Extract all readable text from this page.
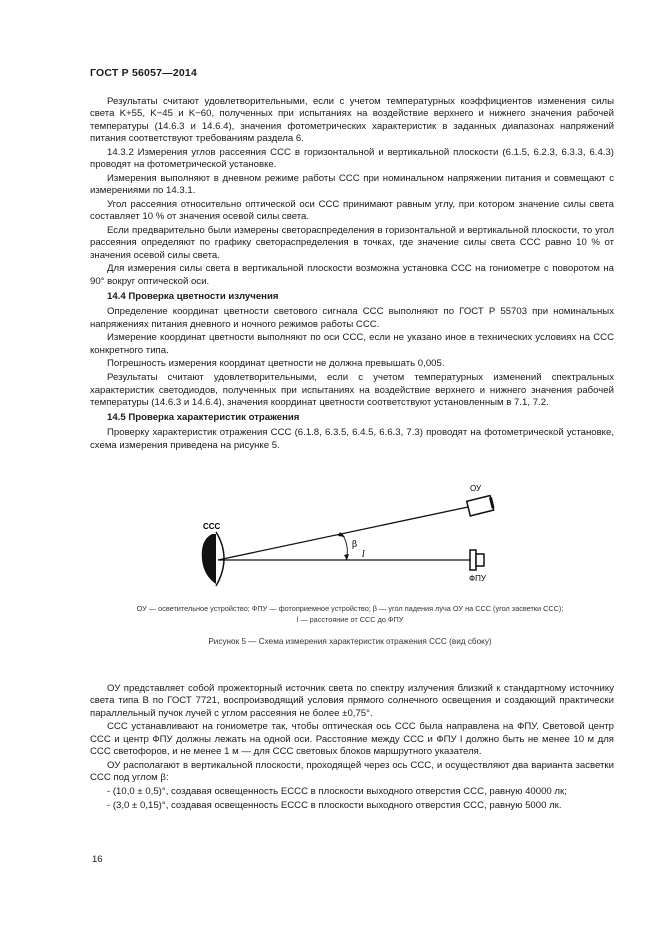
ГОСТ Р 56057—2014

Результаты считают удовлетворительными, если с учетом температурных коэффициентов изменения силы света K+55, K−45 и K−60, полученных при испытаниях на воздействие верхнего и нижнего значения рабочей температуры (14.6.3 и 14.6.4), значения фотометрических характеристик в заданных диапазонах напряжений питания соответствуют требованиям раздела 6.

14.3.2 Измерения углов рассеяния ССС в горизонтальной и вертикальной плоскости (6.1.5, 6.2.3, 6.3.3, 6.4.3) проводят на фотометрической установке.

Измерения выполняют в дневном режиме работы ССС при номинальном напряжении питания и совмещают с измерениями по 14.3.1.

Угол рассеяния относительно оптической оси ССС принимают равным углу, при котором значение силы света составляет 10 % от значения осевой силы света.

Если предварительно были измерены светораспределения в горизонтальной и вертикальной плоскости, то угол рассеяния определяют по графику светораспределения в точках, где значение силы света ССС равно 10 % от значения осевой силы света.

Для измерения силы света в вертикальной плоскости возможна установка ССС на гониометре с поворотом на 90° вокруг оптической оси.

14.4 Проверка цветности излучения

Определение координат цветности светового сигнала ССС выполняют по ГОСТ Р 55703 при номинальных напряжениях питания дневного и ночного режимов работы ССС.

Измерение координат цветности выполняют по оси ССС, если не указано иное в технических условиях на ССС конкретного типа.

Погрешность измерения координат цветности не должна превышать 0,005.

Результаты считают удовлетворительными, если с учетом температурных изменений спектральных характеристик светодиодов, полученных при испытаниях на воздействие верхнего и нижнего значения рабочей температуры (14.6.3 и 14.6.4), значения координат цветности соответствуют установленным в 7.1, 7.2.

14.5 Проверка характеристик отражения

Проверку характеристик отражения ССС (6.1.8, 6.3.5, 6.4.5, 6.6.3, 7.3) проводят на фотометрической установке, схема измерения приведена на рисунке 5.

ССС
ОУ
ФПУ
β
l
ОУ — осветительное устройство; ФПУ — фотоприемное устройство; β — угол падения луча ОУ на ССС (угол засветки ССС);
l — расстояние от ССС до ФПУ
Рисунок 5 — Схема измерения характеристик отражения ССС (вид сбоку)

ОУ представляет собой прожекторный источник света по спектру излучения близкий к стандартному источнику света типа В по ГОСТ 7721, воспроизводящий условия прямого солнечного освещения и создающий практически параллельный пучок лучей с углом рассеяния не более ±0,75°.

ССС устанавливают на гониометре так, чтобы оптическая ось ССС была направлена на ФПУ. Световой центр ССС и центр ФПУ должны лежать на одной оси. Расстояние между ССС и ФПУ l должно быть не менее 10 м для ССС светофоров, и не менее 1 м — для ССС световых блоков маршрутного указателя.

ОУ располагают в вертикальной плоскости, проходящей через ось ССС, и осуществляют два варианта засветки ССС под углом β:

- (10,0 ± 0,5)°, создавая освещенность ECCC в плоскости выходного отверстия ССС, равную 40000 лк;

- (3,0 ± 0,15)°, создавая освещенность ECCC в плоскости выходного отверстия ССС, равную 5000 лк.

16
